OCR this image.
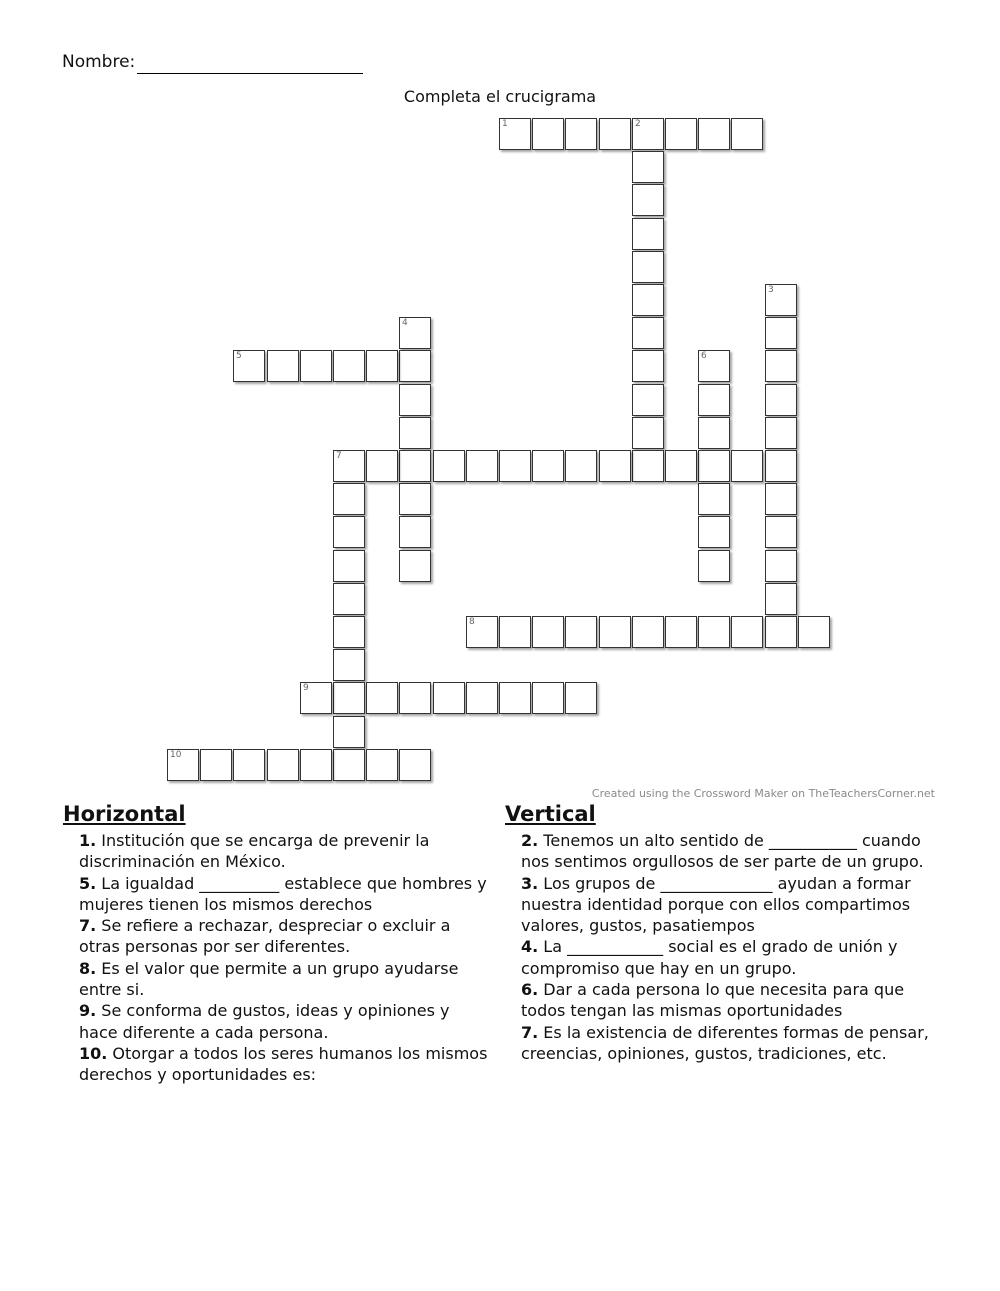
Nombre:
Completa el crucigrama
1	2
3
4
5	6
7
8
9
10
Created using the Crossword Maker on TheTeachersCorner.net
Horizontal
1. Institución que se encarga de prevenir la discriminación en México.
5. La igualdad __________ establece que hombres y mujeres tienen los mismos derechos
7. Se refiere a rechazar, despreciar o excluir a otras personas por ser diferentes.
8. Es el valor que permite a un grupo ayudarse entre si.
9. Se conforma de gustos, ideas y opiniones y hace diferente a cada persona.
10. Otorgar a todos los seres humanos los mismos derechos y oportunidades es:
Vertical
2. Tenemos un alto sentido de ___________ cuando nos sentimos orgullosos de ser parte de un grupo.
3. Los grupos de ______________ ayudan a formar nuestra identidad porque con ellos compartimos valores, gustos, pasatiempos
4. La ____________ social es el grado de unión y compromiso que hay en un grupo.
6. Dar a cada persona lo que necesita para que todos tengan las mismas oportunidades
7. Es la existencia de diferentes formas de pensar, creencias, opiniones, gustos, tradiciones, etc.
